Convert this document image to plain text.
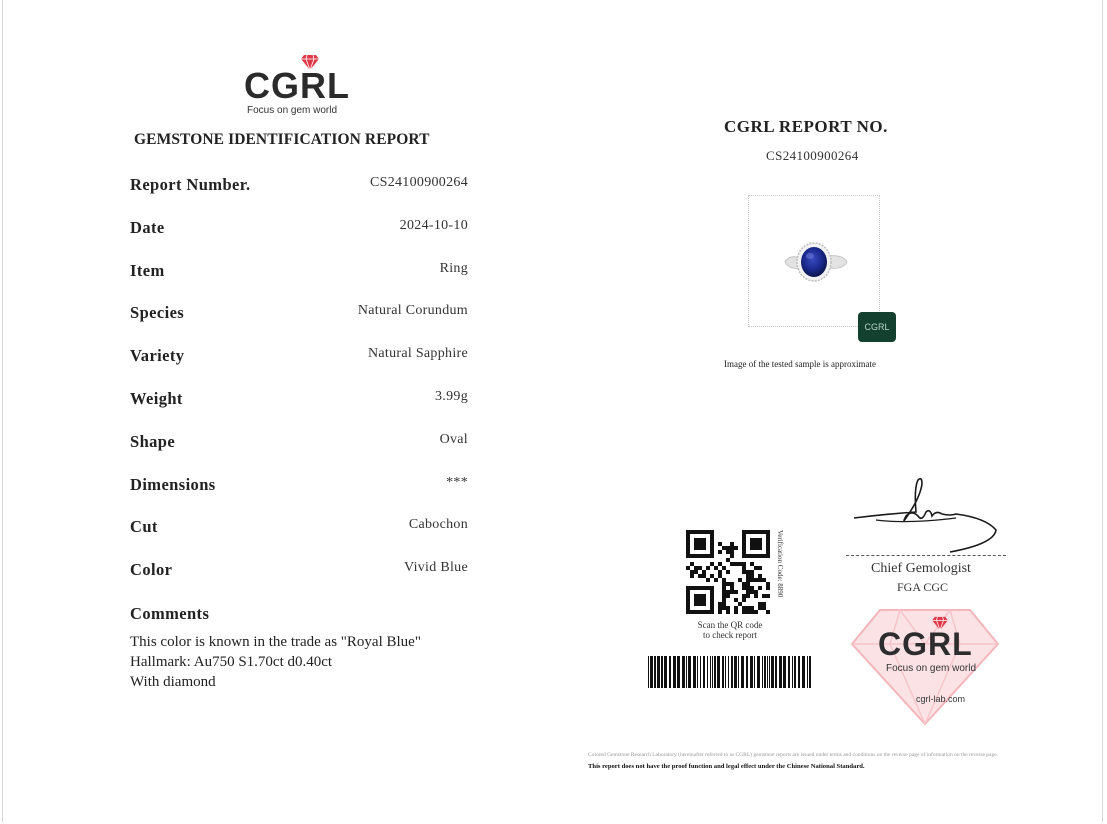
CGRL
Focus on gem world
GEMSTONE IDENTIFICATION REPORT
Report Number.	CS24100900264
Date	2024-10-10
Item	Ring
Species	Natural Corundum
Variety	Natural Sapphire
Weight	3.99g
Shape	Oval
Dimensions	***
Cut	Cabochon
Color	Vivid Blue
Comments
This color is known in the trade as "Royal Blue"
Hallmark: Au750 S1.70ct d0.40ct
With diamond
CGRL REPORT NO.
CS24100900264
CGRL
Image of the tested sample is approximate
Chief Gemologist
FGA CGC
Verification Code: 8890
Scan the QR code
to check report	CGRL
Focus on gem world
cgrl-lab.com
Colored Gemstone Research Laboratory (hereinafter referred to as CGRL) gemstone reports are issued under terms and conditions on the reverse page of information on the reverse page.
This report does not have the proof function and legal effect under the Chinese National Standard.
